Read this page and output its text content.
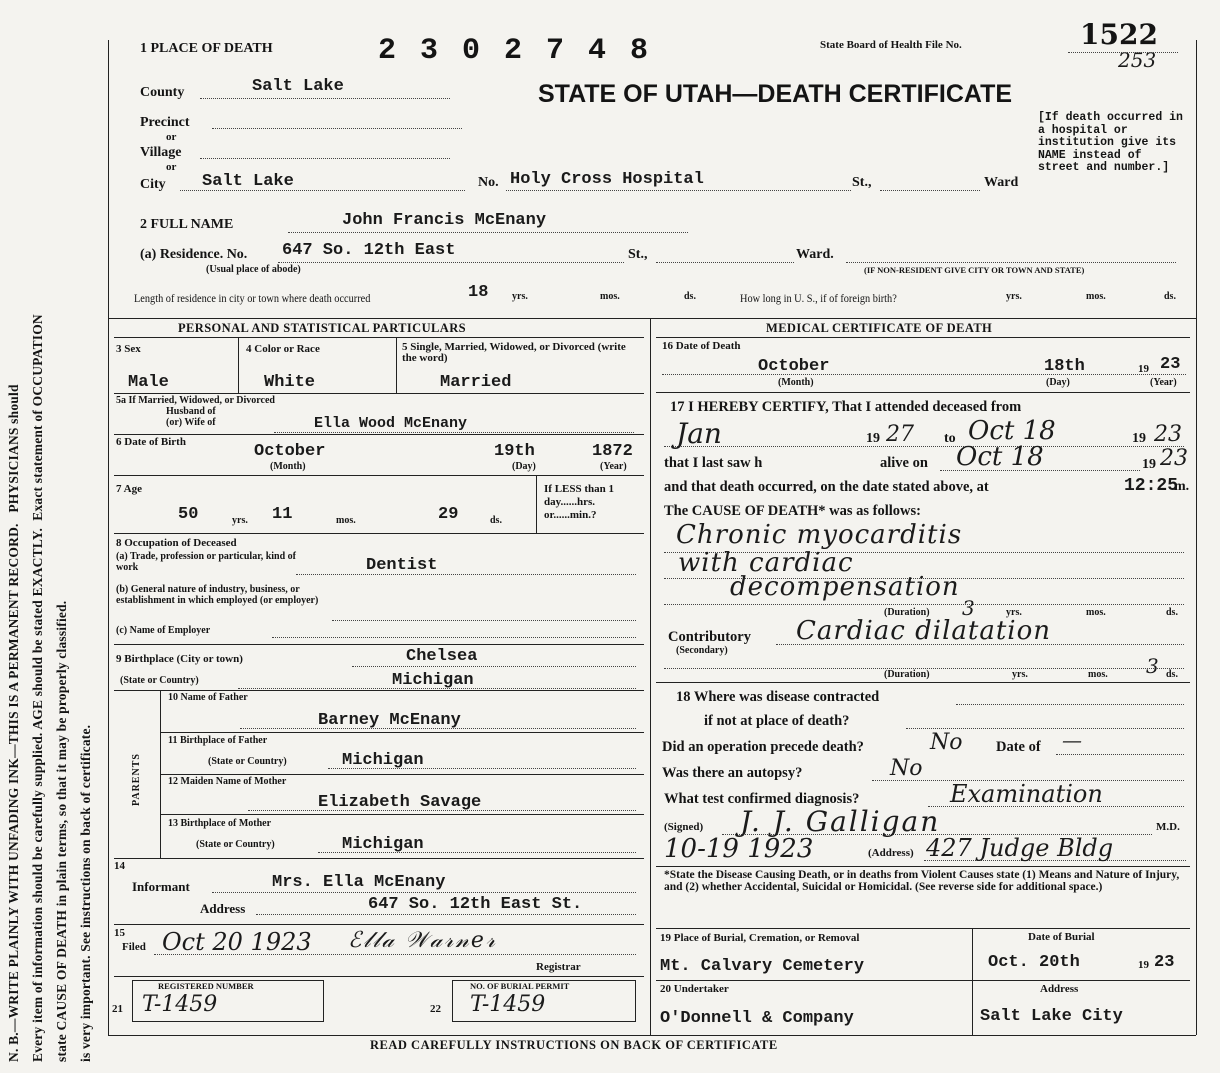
N. B.—WRITE PLAINLY WITH UNFADING INK—THIS IS A PERMANENT RECORD.   PHYSICIANS should
Every item of information should be carefully supplied. AGE should be stated EXACTLY.  Exact statement of OCCUPATION
state CAUSE OF DEATH in plain terms, so that it may be properly classified. is very important. See instructions on back of certificate.
1 PLACE OF DEATH	2 3 0 2 7 4 8	State Board of Health File No.	1522
253
STATE OF UTAH—DEATH CERTIFICATE
[If death occurred in a hospital or institution give its NAME instead of street and number.]
County	Salt Lake
Precinct
or
Village
or
City Salt Lake	No. Holy Cross Hospital	St.,	Ward
2 FULL NAME	John Francis McEnany
(a) Residence. No. 647 So. 12th East	St.,	Ward.
(Usual place of abode)	(IF NON-RESIDENT GIVE CITY OR TOWN AND STATE)
Length of residence in city or town where death occurred	18 yrs.	mos.	ds.	How long in U. S., if of foreign birth?	yrs.	mos.	ds.
PERSONAL AND STATISTICAL PARTICULARS
3 Sex
Male
4 Color or Race
White
5 Single, Married, Widowed, or Divorced (write the word)
Married
5a If Married, Widowed, or Divorced
Husband of
(or) Wife of	Ella Wood McEnany
6 Date of Birth	October	19th	1872
(Month)	(Day)	(Year)
7 Age
50	yrs. 11	mos.	29	ds.
If LESS than 1 day......hrs. or......min.?
8 Occupation of Deceased
(a) Trade, profession or particular, kind of work	Dentist
(b) General nature of industry, business, or establishment in which employed (or employer)
(c) Name of Employer
9 Birthplace (City or town)	Chelsea
(State or Country)	Michigan
PARENTS
10 Name of Father
Barney McEnany
11 Birthplace of Father
(State or Country)	Michigan
12 Maiden Name of Mother
Elizabeth Savage
13 Birthplace of Mother
(State or Country)	Michigan
14
Informant	Mrs. Ella McEnany
Address	647 So. 12th East St.
15
Filed Oct 20 1923 ℰ𝓁𝓁𝒶 𝒲𝒶𝓇𝓃𝑒𝓇
Registrar
21
REGISTERED NUMBER
T-1459	22
NO. OF BURIAL PERMIT
T-1459
MEDICAL CERTIFICATE OF DEATH
16 Date of Death
October	18th	19 23
(Month)	(Day)	(Year)
17 I HEREBY CERTIFY, That I attended deceased from
Jan	19 27 to Oct 18	19 23
that I last saw h	alive on Oct 18	19 23
and that death occurred, on the date stated above, at	12:25
m.
The CAUSE OF DEATH* was as follows:
Chronic myocarditis
with cardiac
decompensation
(Duration) 3	yrs.	mos.	ds.
Contributory
(Secondary)
Cardiac dilatation
(Duration)	yrs.	mos. 3 ds.
18 Where was disease contracted
if not at place of death?
Did an operation precede death?	No Date of —
Was there an autopsy?	No
What test confirmed diagnosis?	Examination
(Signed) J. J. Galligan	M.D.
10-19 1923	(Address) 427 Judge Bldg
*State the Disease Causing Death, or in deaths from Violent Causes state (1) Means and Nature of Injury, and (2) whether Accidental, Suicidal or Homicidal. (See reverse side for additional space.)
19 Place of Burial, Cremation, or Removal
Mt. Calvary Cemetery
Date of Burial
Oct. 20th	19 23
20 Undertaker
O'Donnell & Company
Address
Salt Lake City
READ CAREFULLY INSTRUCTIONS ON BACK OF CERTIFICATE
